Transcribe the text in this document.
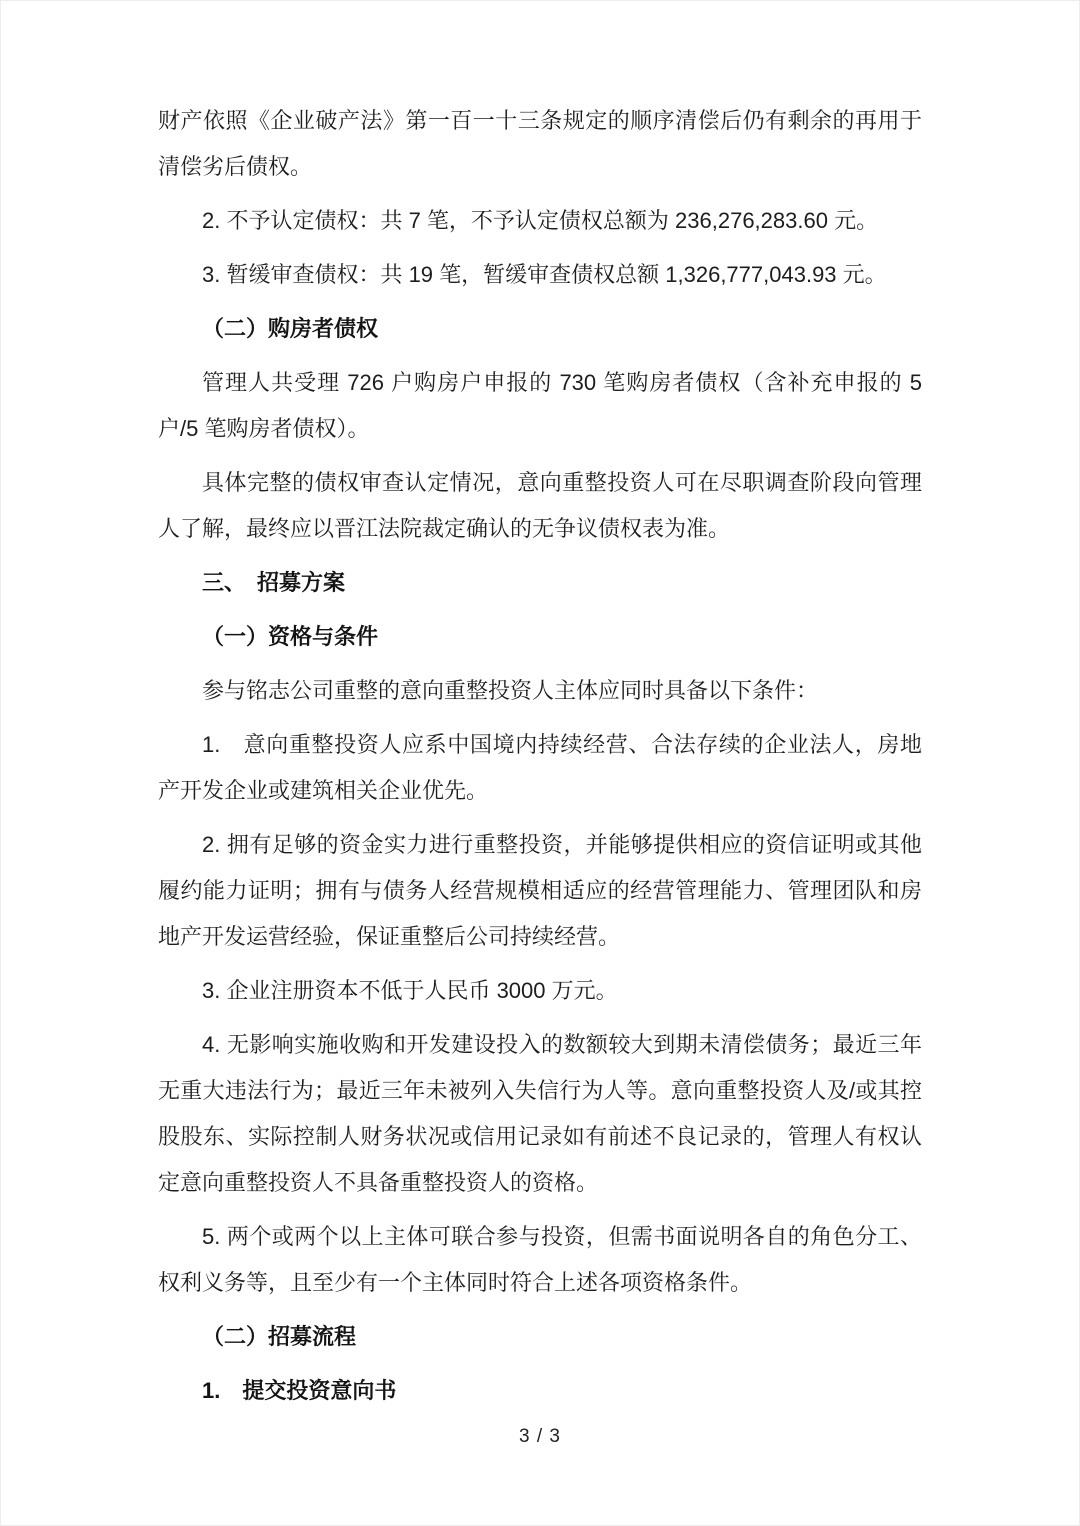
财产依照《企业破产法》第一百一十三条规定的顺序清偿后仍有剩余的再用于清偿劣后债权。

2. 不予认定债权：共 7 笔，不予认定债权总额为 236,276,283.60 元。

3. 暂缓审查债权：共 19 笔，暂缓审查债权总额 1,326,777,043.93 元。

（二）购房者债权

管理人共受理 726 户购房户申报的 730 笔购房者债权（含补充申报的 5 户/5 笔购房者债权）。

具体完整的债权审查认定情况，意向重整投资人可在尽职调查阶段向管理人了解，最终应以晋江法院裁定确认的无争议债权表为准。

三、　招募方案

（一）资格与条件

参与铭志公司重整的意向重整投资人主体应同时具备以下条件：

1.　意向重整投资人应系中国境内持续经营、合法存续的企业法人，房地产开发企业或建筑相关企业优先。

2. 拥有足够的资金实力进行重整投资，并能够提供相应的资信证明或其他履约能力证明；拥有与债务人经营规模相适应的经营管理能力、管理团队和房地产开发运营经验，保证重整后公司持续经营。

3. 企业注册资本不低于人民币 3000 万元。

4. 无影响实施收购和开发建设投入的数额较大到期未清偿债务；最近三年无重大违法行为；最近三年未被列入失信行为人等。意向重整投资人及/或其控股股东、实际控制人财务状况或信用记录如有前述不良记录的，管理人有权认定意向重整投资人不具备重整投资人的资格。

5. 两个或两个以上主体可联合参与投资，但需书面说明各自的角色分工、权利义务等，且至少有一个主体同时符合上述各项资格条件。

（二）招募流程

1.　提交投资意向书

3 / 3
